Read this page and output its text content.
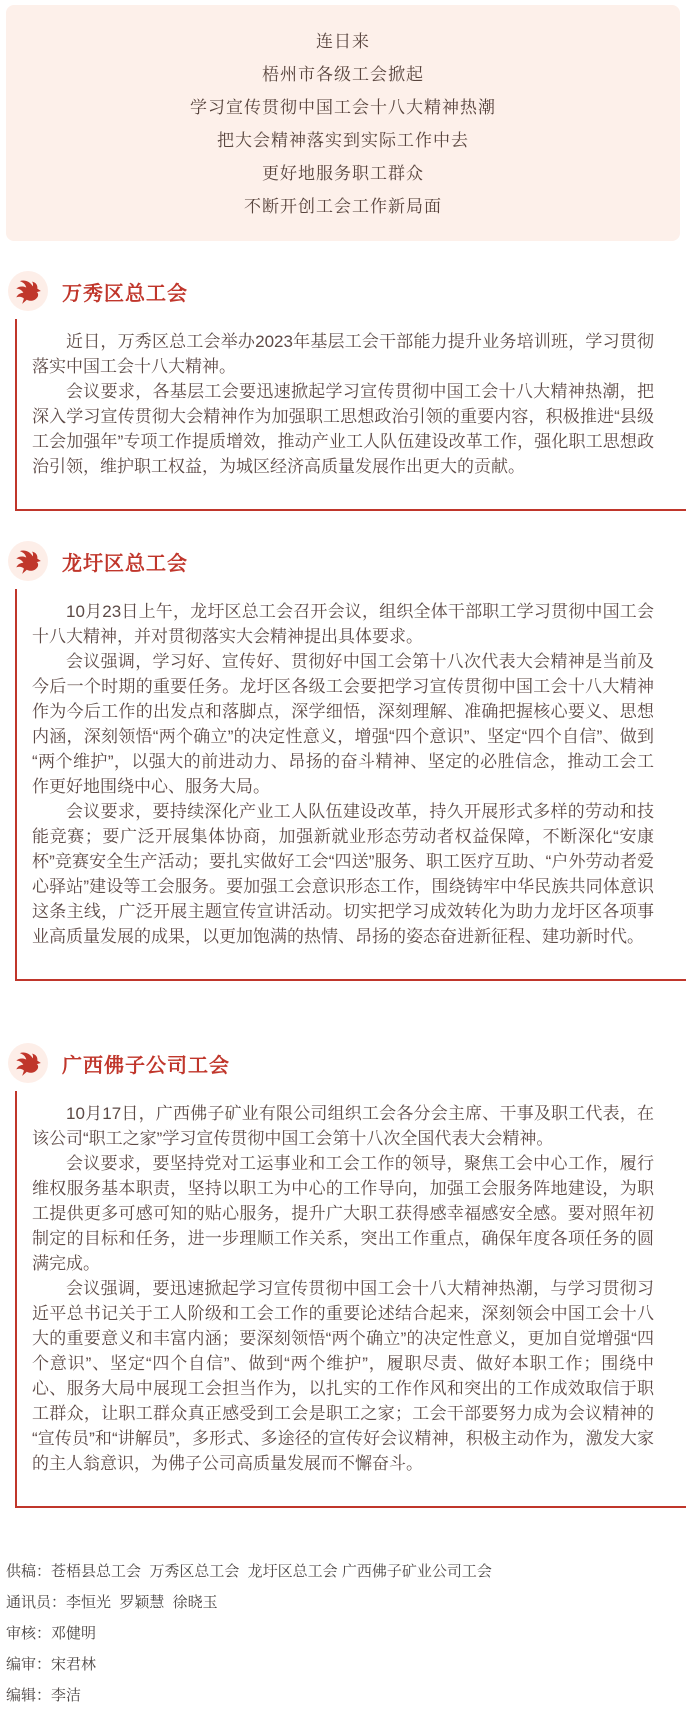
连日来
梧州市各级工会掀起
学习宣传贯彻中国工会十八大精神热潮
把大会精神落实到实际工作中去
更好地服务职工群众
不断开创工会工作新局面
万秀区总工会

近日，万秀区总工会举办2023年基层工会干部能力提升业务培训班，学习贯彻落实中国工会十八大精神。

会议要求，各基层工会要迅速掀起学习宣传贯彻中国工会十八大精神热潮，把深入学习宣传贯彻大会精神作为加强职工思想政治引领的重要内容，积极推进“县级工会加强年”专项工作提质增效，推动产业工人队伍建设改革工作，强化职工思想政治引领，维护职工权益，为城区经济高质量发展作出更大的贡献。

龙圩区总工会

10月23日上午，龙圩区总工会召开会议，组织全体干部职工学习贯彻中国工会十八大精神，并对贯彻落实大会精神提出具体要求。

会议强调，学习好、宣传好、贯彻好中国工会第十八次代表大会精神是当前及今后一个时期的重要任务。龙圩区各级工会要把学习宣传贯彻中国工会十八大精神作为今后工作的出发点和落脚点，深学细悟，深刻理解、准确把握核心要义、思想内涵，深刻领悟“两个确立”的决定性意义，增强“四个意识”、坚定“四个自信”、做到“两个维护”，以强大的前进动力、昂扬的奋斗精神、坚定的必胜信念，推动工会工作更好地围绕中心、服务大局。

会议要求，要持续深化产业工人队伍建设改革，持久开展形式多样的劳动和技能竞赛；要广泛开展集体协商，加强新就业形态劳动者权益保障，不断深化“安康杯”竞赛安全生产活动；要扎实做好工会“四送”服务、职工医疗互助、“户外劳动者爱心驿站”建设等工会服务。要加强工会意识形态工作，围绕铸牢中华民族共同体意识这条主线，广泛开展主题宣传宣讲活动。切实把学习成效转化为助力龙圩区各项事业高质量发展的成果，以更加饱满的热情、昂扬的姿态奋进新征程、建功新时代。

广西佛子公司工会

10月17日，广西佛子矿业有限公司组织工会各分会主席、干事及职工代表，在该公司“职工之家”学习宣传贯彻中国工会第十八次全国代表大会精神。

会议要求，要坚持党对工运事业和工会工作的领导，聚焦工会中心工作，履行维权服务基本职责，坚持以职工为中心的工作导向，加强工会服务阵地建设，为职工提供更多可感可知的贴心服务，提升广大职工获得感幸福感安全感。要对照年初制定的目标和任务，进一步理顺工作关系，突出工作重点，确保年度各项任务的圆满完成。

会议强调，要迅速掀起学习宣传贯彻中国工会十八大精神热潮，与学习贯彻习近平总书记关于工人阶级和工会工作的重要论述结合起来，深刻领会中国工会十八大的重要意义和丰富内涵；要深刻领悟“两个确立”的决定性意义，更加自觉增强“四个意识”、坚定“四个自信”、做到“两个维护”，履职尽责、做好本职工作；围绕中心、服务大局中展现工会担当作为，以扎实的工作作风和突出的工作成效取信于职工群众，让职工群众真正感受到工会是职工之家；工会干部要努力成为会议精神的“宣传员”和“讲解员”，多形式、多途径的宣传好会议精神，积极主动作为，激发大家的主人翁意识，为佛子公司高质量发展而不懈奋斗。

供稿：苍梧县总工会  万秀区总工会  龙圩区总工会 广西佛子矿业公司工会
通讯员：李恒光  罗颖慧  徐晓玉
审核：邓健明
编审：宋君林
编辑：李洁
